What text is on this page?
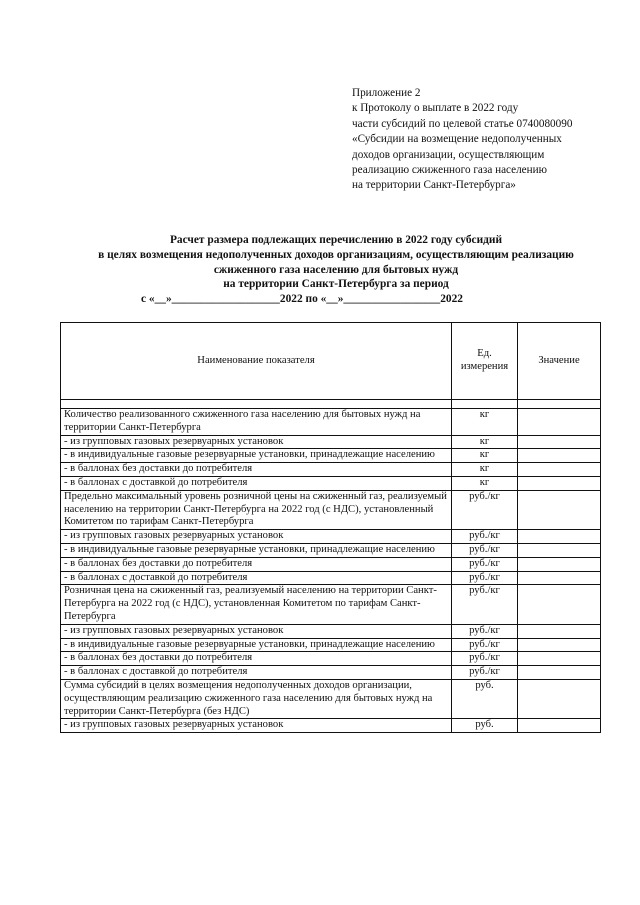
Приложение 2
к Протоколу о выплате в 2022 году
части субсидий по целевой статье 0740080090
«Субсидии на возмещение недополученных
доходов организации, осуществляющим
реализацию сжиженного газа населению
на территории Санкт-Петербурга»
Расчет размера подлежащих перечислению в 2022 году субсидий
в целях возмещения недополученных доходов организациям, осуществляющим реализацию
сжиженного газа населению для бытовых нужд
на территории Санкт-Петербурга за период
с «__»___________________2022 по «__»_________________2022
Наименование показателя	Ед. измерения	Значение

Количество реализованного сжиженного газа населению для бытовых нужд на территории Санкт-Петербурга	кг	
- из групповых газовых резервуарных установок	кг	
- в индивидуальные газовые резервуарные установки, принадлежащие населению	кг	
- в баллонах без доставки до потребителя	кг	
- в баллонах с доставкой до потребителя	кг	
Предельно максимальный уровень розничной цены на сжиженный газ, реализуемый населению на территории Санкт-Петербурга на 2022 год (с НДС), установленный Комитетом по тарифам Санкт-Петербурга	руб./кг	
- из групповых газовых резервуарных установок	руб./кг	
- в индивидуальные газовые резервуарные установки, принадлежащие населению	руб./кг	
- в баллонах без доставки до потребителя	руб./кг	
- в баллонах с доставкой до потребителя	руб./кг	
Розничная цена на сжиженный газ, реализуемый населению на территории Санкт-Петербурга на 2022 год (с НДС), установленная Комитетом по тарифам Санкт-Петербурга	руб./кг	
- из групповых газовых резервуарных установок	руб./кг	
- в индивидуальные газовые резервуарные установки, принадлежащие населению	руб./кг	
- в баллонах без доставки до потребителя	руб./кг	
- в баллонах с доставкой до потребителя	руб./кг	
Сумма субсидий в целях возмещения недополученных доходов организации, осуществляющим реализацию сжиженного газа населению для бытовых нужд на территории Санкт-Петербурга (без НДС)	руб.	
- из групповых газовых резервуарных установок	руб.	
